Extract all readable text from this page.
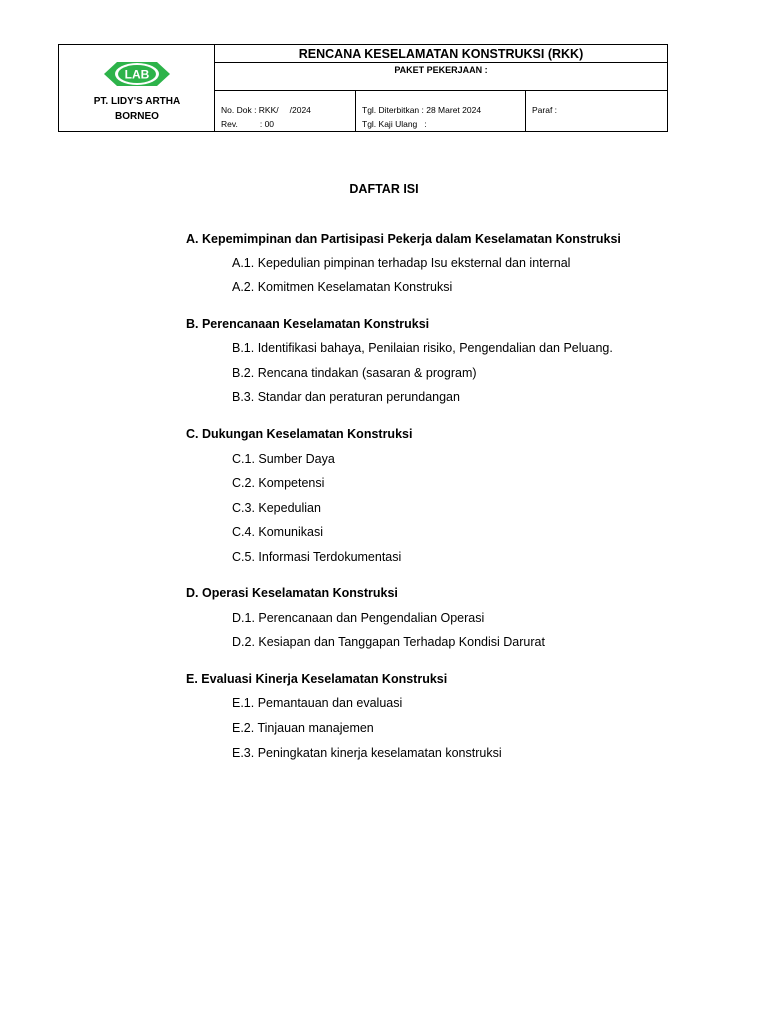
LAB
PT. LIDY'S ARTHA
BORNEO
RENCANA KESELAMATAN KONSTRUKSI (RKK)
PAKET PEKERJAAN :
No. Dok : RKK/ /2024
Rev.	: 00
Tgl. Diterbitkan : 28 Maret 2024
Tgl. Kaji Ulang :
Paraf :
DAFTAR ISI
A. Kepemimpinan dan Partisipasi Pekerja dalam Keselamatan Konstruksi
A.1. Kepedulian pimpinan terhadap Isu eksternal dan internal
A.2. Komitmen Keselamatan Konstruksi
B. Perencanaan Keselamatan Konstruksi
B.1. Identifikasi bahaya, Penilaian risiko, Pengendalian dan Peluang.
B.2. Rencana tindakan (sasaran & program)
B.3. Standar dan peraturan perundangan
C. Dukungan Keselamatan Konstruksi
C.1. Sumber Daya
C.2. Kompetensi
C.3. Kepedulian
C.4. Komunikasi
C.5. Informasi Terdokumentasi
D. Operasi Keselamatan Konstruksi
D.1. Perencanaan dan Pengendalian Operasi
D.2. Kesiapan dan Tanggapan Terhadap Kondisi Darurat
E. Evaluasi Kinerja Keselamatan Konstruksi
E.1. Pemantauan dan evaluasi
E.2. Tinjauan manajemen
E.3. Peningkatan kinerja keselamatan konstruksi
